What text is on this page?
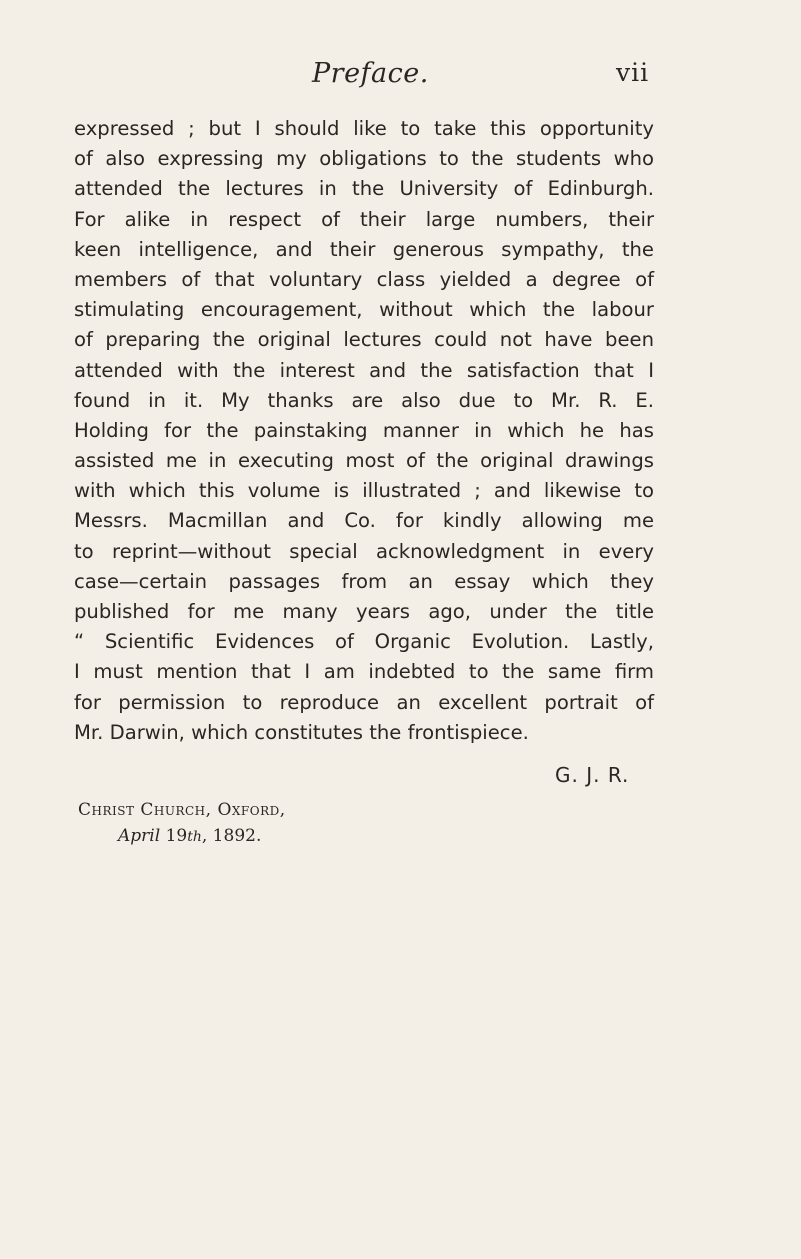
Preface.	vii
expressed ; but I should like to take this opportunity
of also expressing my obligations to the students who
attended the lectures in the University of Edinburgh.
For alike in respect of their large numbers, their
keen intelligence, and their generous sympathy, the
members of that voluntary class yielded a degree of
stimulating encouragement, without which the labour
of preparing the original lectures could not have been
attended with the interest and the satisfaction that I
found in it. My thanks are also due to Mr. R. E.
Holding for the painstaking manner in which he has
assisted me in executing most of the original drawings
with which this volume is illustrated ; and likewise to
Messrs. Macmillan and Co. for kindly allowing me
to reprint—without special acknowledgment in every
case—certain passages from an essay which they
published for me many years ago, under the title
“ Scientific Evidences of Organic Evolution. Lastly,
I must mention that I am indebted to the same firm
for permission to reproduce an excellent portrait of
Mr. Darwin, which constitutes the frontispiece.
G. J. R.
Christ Church, Oxford,
April 19th, 1892.
